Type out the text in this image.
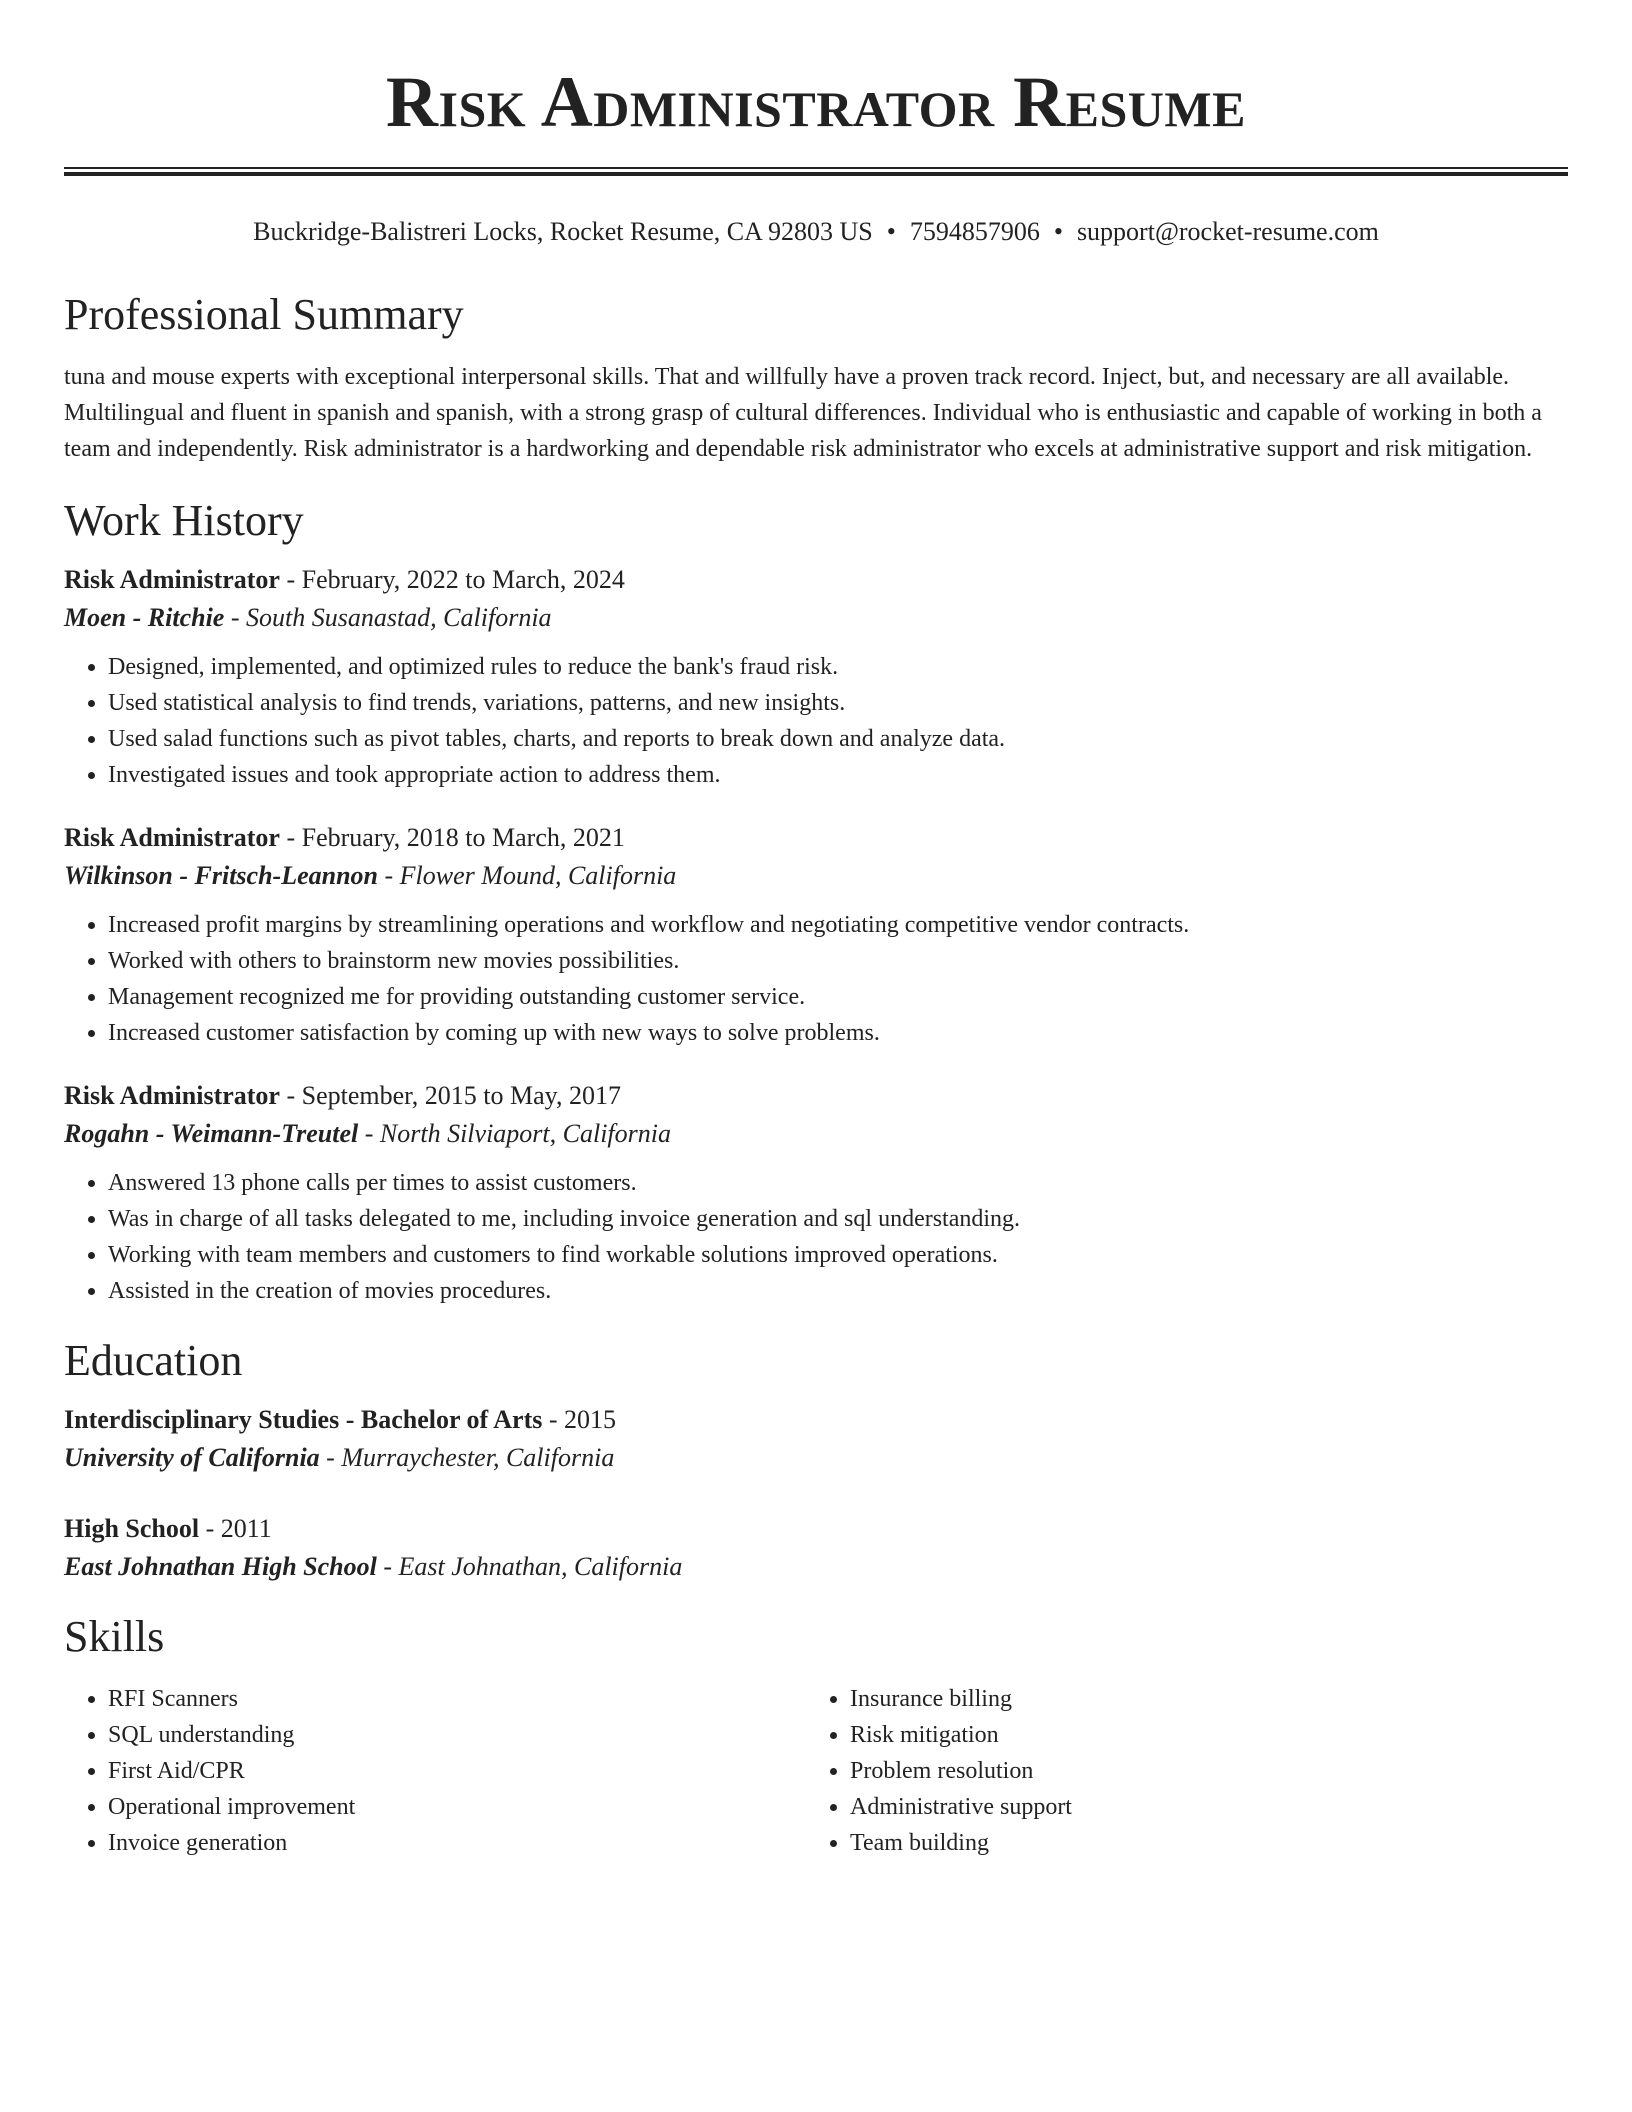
Risk Administrator Resume
Buckridge-Balistreri Locks, Rocket Resume, CA 92803 US • 7594857906 • support@rocket-resume.com
Professional Summary
tuna and mouse experts with exceptional interpersonal skills. That and willfully have a proven track record. Inject, but, and necessary are all available. Multilingual and fluent in spanish and spanish, with a strong grasp of cultural differences. Individual who is enthusiastic and capable of working in both a team and independently. Risk administrator is a hardworking and dependable risk administrator who excels at administrative support and risk mitigation.
Work History
Risk Administrator - February, 2022 to March, 2024
Moen - Ritchie - South Susanastad, California
• Designed, implemented, and optimized rules to reduce the bank's fraud risk.
• Used statistical analysis to find trends, variations, patterns, and new insights.
• Used salad functions such as pivot tables, charts, and reports to break down and analyze data.
• Investigated issues and took appropriate action to address them.
Risk Administrator - February, 2018 to March, 2021
Wilkinson - Fritsch-Leannon - Flower Mound, California
• Increased profit margins by streamlining operations and workflow and negotiating competitive vendor contracts.
• Worked with others to brainstorm new movies possibilities.
• Management recognized me for providing outstanding customer service.
• Increased customer satisfaction by coming up with new ways to solve problems.
Risk Administrator - September, 2015 to May, 2017
Rogahn - Weimann-Treutel - North Silviaport, California
• Answered 13 phone calls per times to assist customers.
• Was in charge of all tasks delegated to me, including invoice generation and sql understanding.
• Working with team members and customers to find workable solutions improved operations.
• Assisted in the creation of movies procedures.
Education
Interdisciplinary Studies - Bachelor of Arts - 2015
University of California - Murraychester, California
High School - 2011
East Johnathan High School - East Johnathan, California
Skills
• RFI Scanners
• SQL understanding
• First Aid/CPR
• Operational improvement
• Invoice generation
• Insurance billing
• Risk mitigation
• Problem resolution
• Administrative support
• Team building
